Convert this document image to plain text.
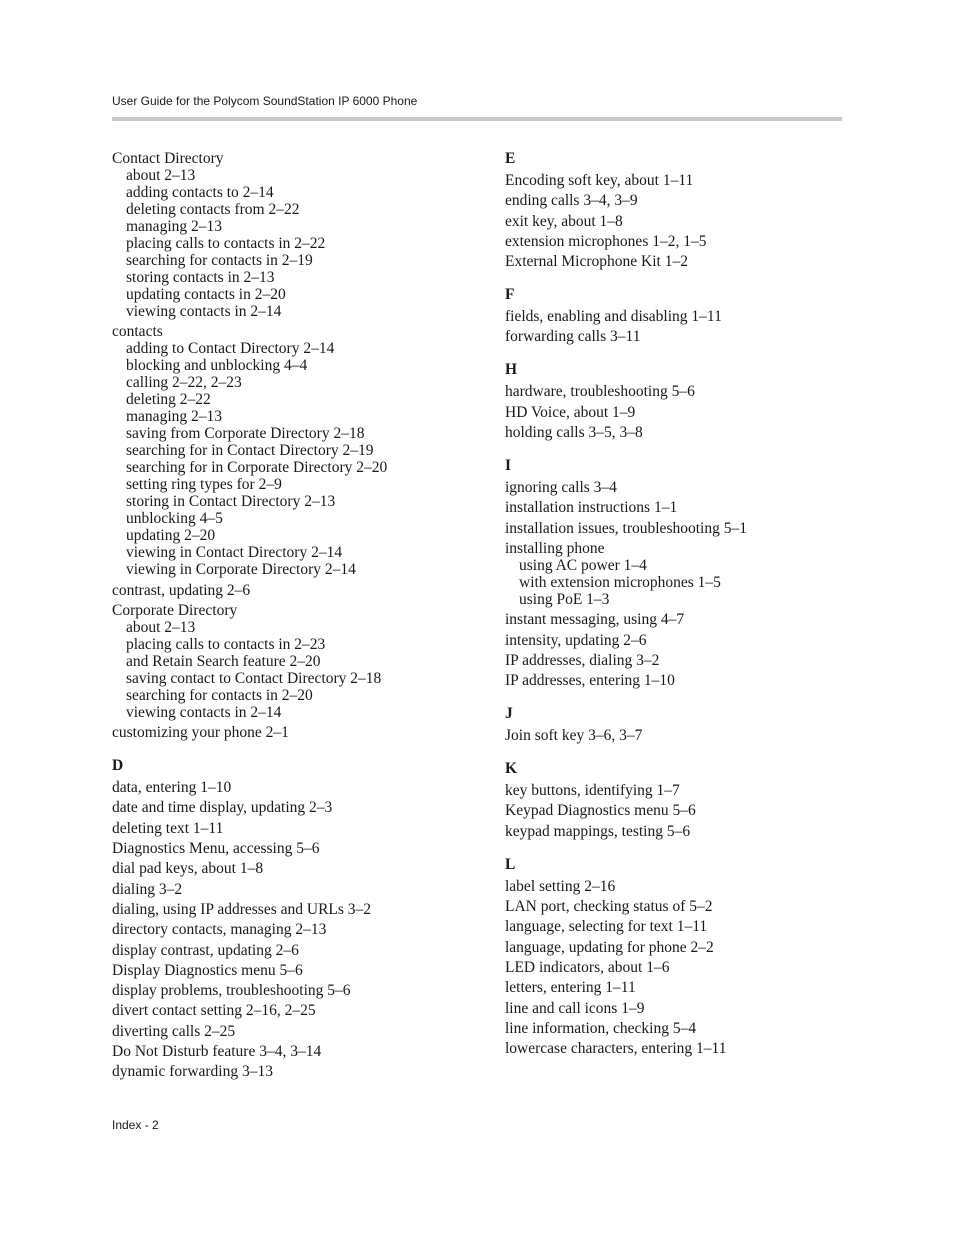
User Guide for the Polycom SoundStation IP 6000 Phone
Contact Directory
about 2–13
adding contacts to 2–14
deleting contacts from 2–22
managing 2–13
placing calls to contacts in 2–22
searching for contacts in 2–19
storing contacts in 2–13
updating contacts in 2–20
viewing contacts in 2–14
contacts
adding to Contact Directory 2–14
blocking and unblocking 4–4
calling 2–22, 2–23
deleting 2–22
managing 2–13
saving from Corporate Directory 2–18
searching for in Contact Directory 2–19
searching for in Corporate Directory 2–20
setting ring types for 2–9
storing in Contact Directory 2–13
unblocking 4–5
updating 2–20
viewing in Contact Directory 2–14
viewing in Corporate Directory 2–14
contrast, updating 2–6
Corporate Directory
about 2–13
placing calls to contacts in 2–23
and Retain Search feature 2–20
saving contact to Contact Directory 2–18
searching for contacts in 2–20
viewing contacts in 2–14
customizing your phone 2–1
D
data, entering 1–10
date and time display, updating 2–3
deleting text 1–11
Diagnostics Menu, accessing 5–6
dial pad keys, about 1–8
dialing 3–2
dialing, using IP addresses and URLs 3–2
directory contacts, managing 2–13
display contrast, updating 2–6
Display Diagnostics menu 5–6
display problems, troubleshooting 5–6
divert contact setting 2–16, 2–25
diverting calls 2–25
Do Not Disturb feature 3–4, 3–14
dynamic forwarding 3–13
E
Encoding soft key, about 1–11
ending calls 3–4, 3–9
exit key, about 1–8
extension microphones 1–2, 1–5
External Microphone Kit 1–2
F
fields, enabling and disabling 1–11
forwarding calls 3–11
H
hardware, troubleshooting 5–6
HD Voice, about 1–9
holding calls 3–5, 3–8
I
ignoring calls 3–4
installation instructions 1–1
installation issues, troubleshooting 5–1
installing phone
using AC power 1–4
with extension microphones 1–5
using PoE 1–3
instant messaging, using 4–7
intensity, updating 2–6
IP addresses, dialing 3–2
IP addresses, entering 1–10
J
Join soft key 3–6, 3–7
K
key buttons, identifying 1–7
Keypad Diagnostics menu 5–6
keypad mappings, testing 5–6
L
label setting 2–16
LAN port, checking status of 5–2
language, selecting for text 1–11
language, updating for phone 2–2
LED indicators, about 1–6
letters, entering 1–11
line and call icons 1–9
line information, checking 5–4
lowercase characters, entering 1–11
Index - 2
